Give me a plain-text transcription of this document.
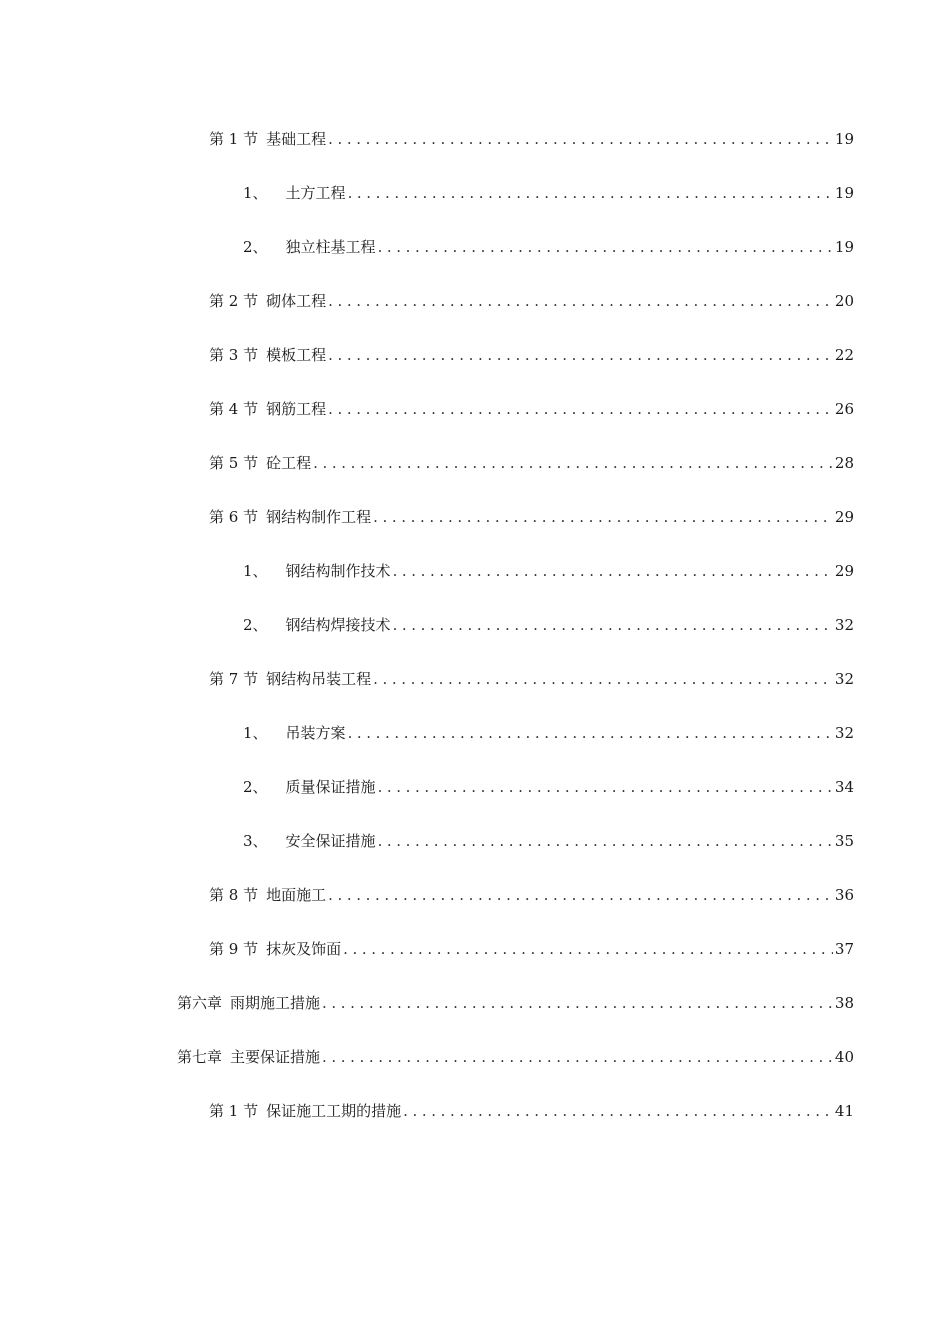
第 1 节 基础工程 .....	19
1、 土方工程 .....	19
2、 独立柱基工程 .....	19
第 2 节 砌体工程 .....	20
第 3 节 模板工程 .....	22
第 4 节 钢筋工程 .....	26
第 5 节 砼工程 .....	28
第 6 节 钢结构制作工程 .....	29
1、 钢结构制作技术 .....	29
2、 钢结构焊接技术 .....	32
第 7 节 钢结构吊装工程 .....	32
1、 吊装方案 .....	32
2、 质量保证措施 .....	34
3、 安全保证措施 .....	35
第 8 节 地面施工 .....	36
第 9 节 抹灰及饰面 .....	37
第六章 雨期施工措施 .....	38
第七章 主要保证措施 .....	40
第 1 节 保证施工工期的措施 .....	41
